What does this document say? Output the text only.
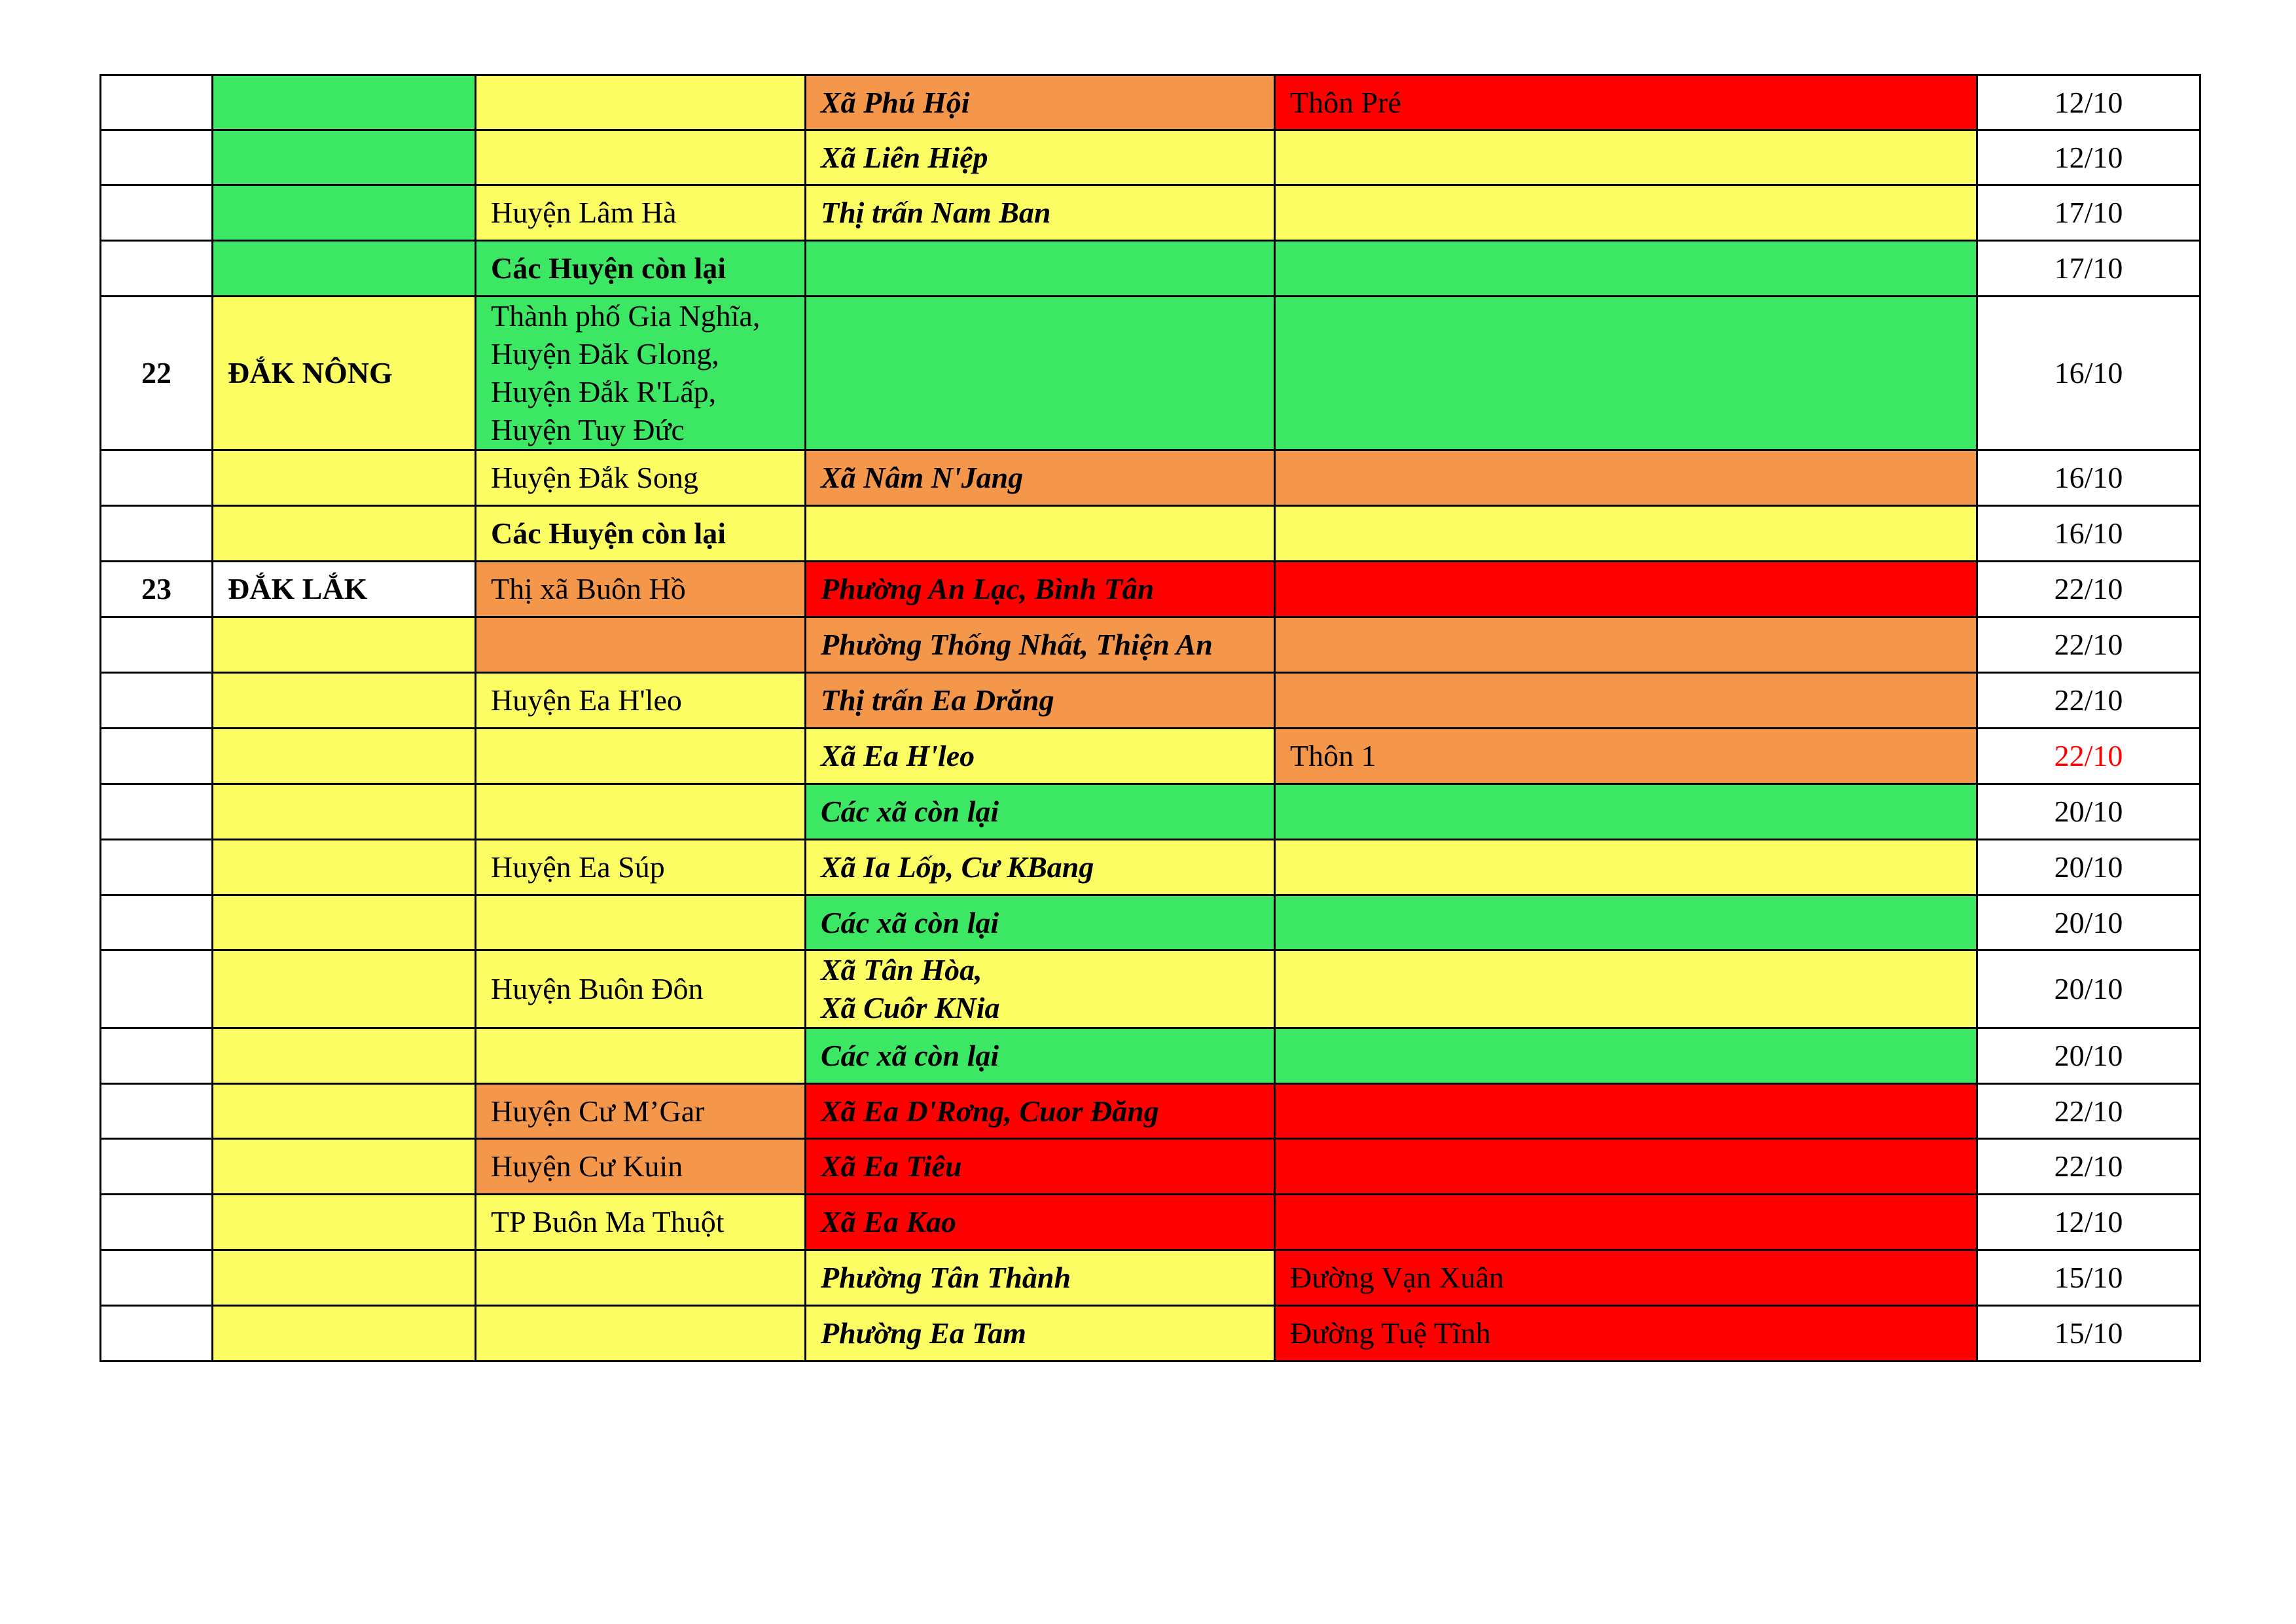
			Xã Phú Hội	Thôn Pré	12/10
			Xã Liên Hiệp		12/10
		Huyện Lâm Hà	Thị trấn Nam Ban		17/10
		Các Huyện còn lại			17/10
22	ĐẮK NÔNG	Thành phố Gia Nghĩa,
Huyện Đăk Glong,
Huyện Đắk R'Lấp,
Huyện Tuy Đức			16/10
		Huyện Đắk Song	Xã Nâm N'Jang		16/10
		Các Huyện còn lại			16/10
23	ĐẮK LẮK	Thị xã Buôn Hồ	Phường An Lạc, Bình Tân		22/10
			Phường Thống Nhất, Thiện An		22/10
		Huyện Ea H'leo	Thị trấn Ea Drăng		22/10
			Xã Ea H'leo	Thôn 1	22/10
			Các xã còn lại		20/10
		Huyện Ea Súp	Xã Ia Lốp, Cư KBang		20/10
			Các xã còn lại		20/10
		Huyện Buôn Đôn	Xã Tân Hòa,
Xã Cuôr KNia		20/10
			Các xã còn lại		20/10
		Huyện Cư M’Gar	Xã Ea D'Rơng, Cuor Đăng		22/10
		Huyện Cư Kuin	Xã Ea Tiêu		22/10
		TP Buôn Ma Thuột	Xã Ea Kao		12/10
			Phường Tân Thành	Đường Vạn Xuân	15/10
			Phường Ea Tam	Đường Tuệ Tĩnh	15/10
